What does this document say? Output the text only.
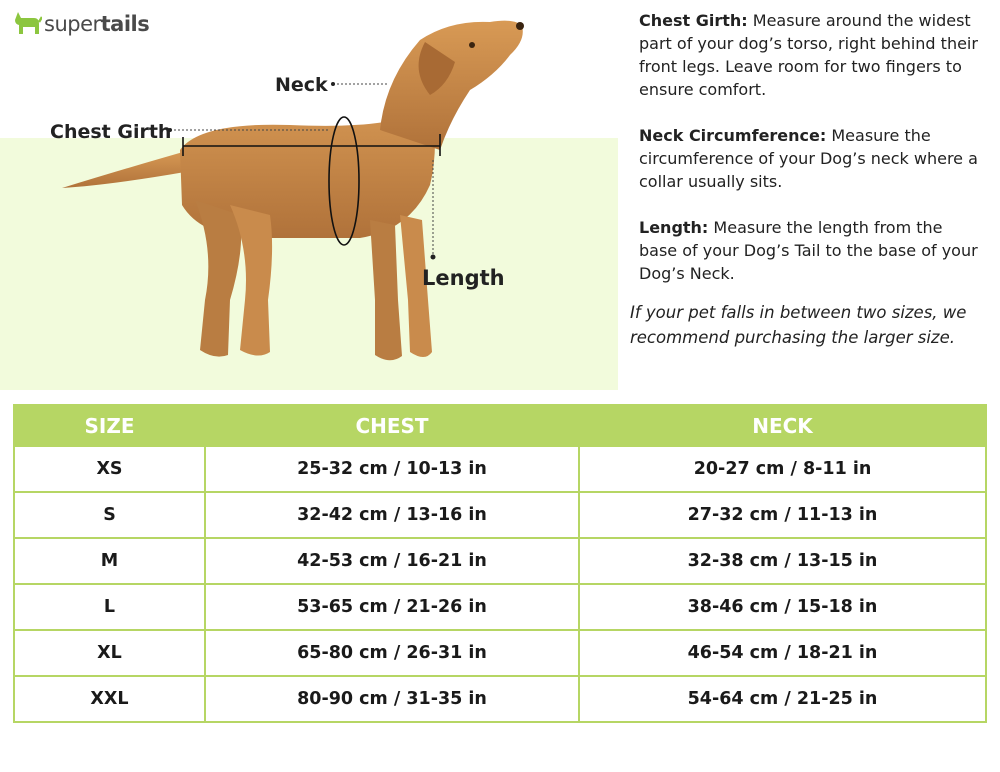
supertails
Neck
Chest Girth
Length

Chest Girth: Measure around the widest part of your dog’s torso, right behind their front legs. Leave room for two fingers to ensure comfort.

Neck Circumference: Measure the circumference of your Dog’s neck where a collar usually sits.

Length: Measure the length from the base of your Dog’s Tail to the base of your Dog’s Neck.

If your pet falls in between two sizes, we recommend purchasing the larger size.
SIZE	CHEST	NECK
XS	25-32 cm / 10-13 in	20-27 cm / 8-11 in
S	32-42 cm / 13-16 in	27-32 cm / 11-13 in
M	42-53 cm / 16-21 in	32-38 cm / 13-15 in
L	53-65 cm / 21-26 in	38-46 cm / 15-18 in
XL	65-80 cm / 26-31 in	46-54 cm / 18-21 in
XXL	80-90 cm / 31-35 in	54-64 cm / 21-25 in
